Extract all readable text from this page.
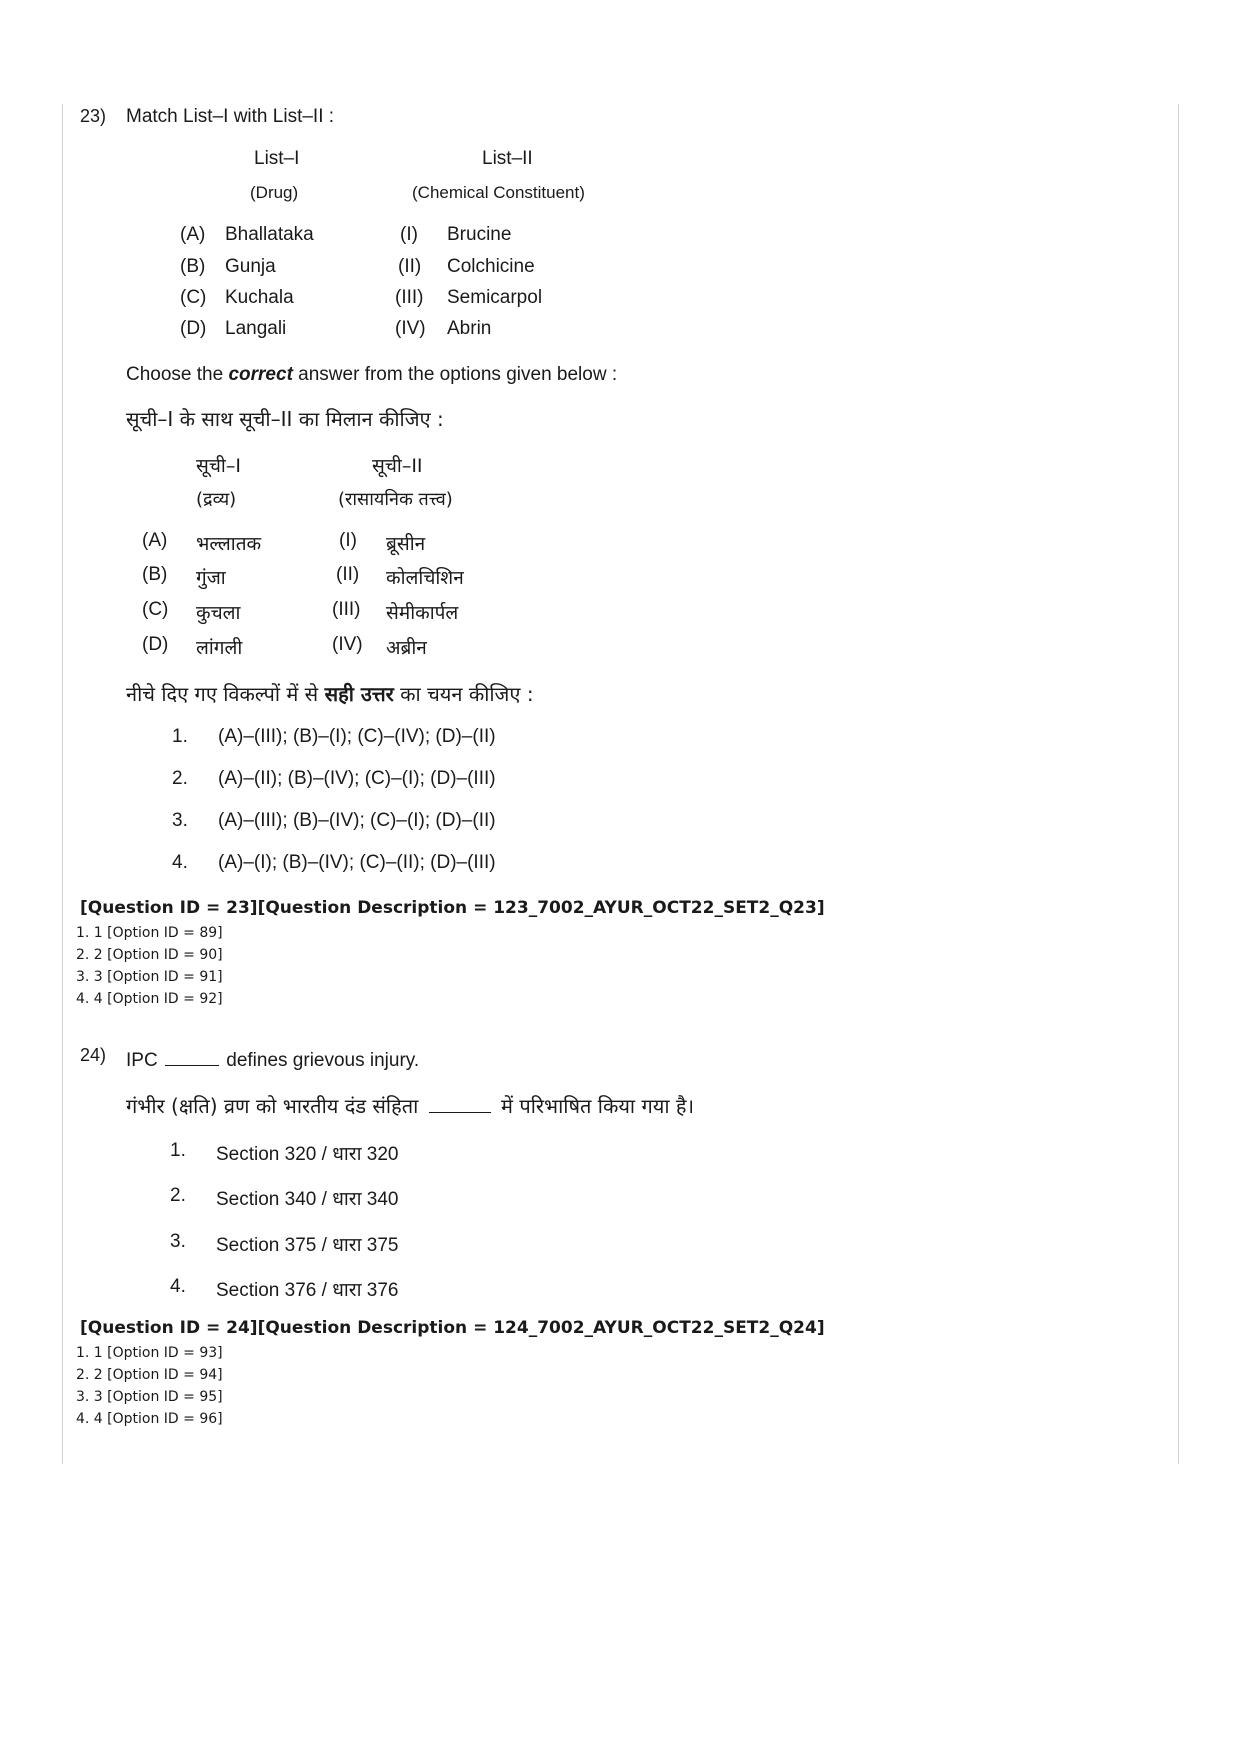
23) Match List–I with List–II :
List–I
(Drug)
List–II
(Chemical Constituent)
(A) Bhallataka	(I) Brucine
(B) Gunja	(II) Colchicine
(C) Kuchala	(III) Semicarpol
(D) Langali	(IV) Abrin
Choose the correct answer from the options given below :
सूची–I के साथ सूची–II का मिलान कीजिए :
सूची–I
(द्रव्य)
सूची–II
(रासायनिक तत्त्व)
(A) भल्लातक	(I) ब्रूसीन
(B) गुंजा	(II) कोलचिशिन
(C) कुचला	(III) सेमीकार्पल
(D) लांगली	(IV) अब्रीन
नीचे दिए गए विकल्पों में से सही उत्तर का चयन कीजिए :
1. (A)–(III); (B)–(I); (C)–(IV); (D)–(II)
2. (A)–(II); (B)–(IV); (C)–(I); (D)–(III)
3. (A)–(III); (B)–(IV); (C)–(I); (D)–(II)
4. (A)–(I); (B)–(IV); (C)–(II); (D)–(III)
[Question ID = 23][Question Description = 123_7002_AYUR_OCT22_SET2_Q23]
1. 1 [Option ID = 89]
2. 2 [Option ID = 90]
3. 3 [Option ID = 91]
4. 4 [Option ID = 92]
24) IPC	defines grievous injury.
गंभीर (क्षति) व्रण को भारतीय दंड संहिता	में परिभाषित किया गया है।
1. Section 320 / धारा 320
2. Section 340 / धारा 340
3. Section 375 / धारा 375
4. Section 376 / धारा 376
[Question ID = 24][Question Description = 124_7002_AYUR_OCT22_SET2_Q24]
1. 1 [Option ID = 93]
2. 2 [Option ID = 94]
3. 3 [Option ID = 95]
4. 4 [Option ID = 96]
